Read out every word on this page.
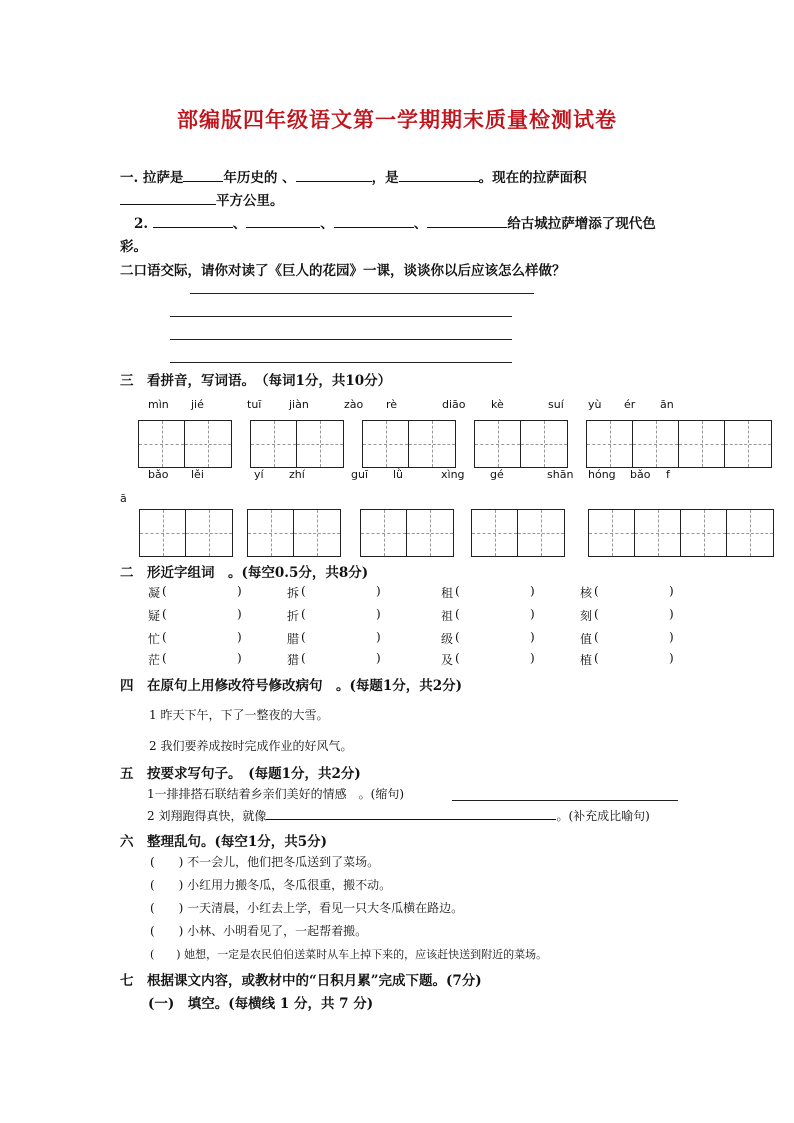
部编版四年级语文第一学期期末质量检测试卷
一. 拉萨是	年历史的 、	，是	。现在的拉萨面积
平方公里。
2.	、	、	、	给古城拉萨增添了现代色
彩。
二口语交际，请你对读了《巨人的花园》一课，谈谈你以后应该怎么样做？
三　 看拼音，写词语。　（每词1分，共10分）
mìn jié	tuī	jiàn	zào rè	diāo kè	suí yù ér ān
bǎo lěi	yí zhí	guī lǜ	xìng gé	shān hóng bǎo f
ā
二　 形近字组词　。(每空0.5分，共8分)
凝 (	)	拆 (	)	租 (	)	核 (	)
疑 (	)	折 (	)	祖 (	)	刻 (	)
忙 (	)	腊 (	)	级 (	)	值 (	)
茫 (	)	猎 (	)	及 (	)	植 (	)
四　 在原句上用修改符号修改病句　。(每题1分，共2分)
1 昨天下午，下了一整夜的大雪。
2 我们要养成按时完成作业的好风气。
五　 按要求写句子。　(每题1分，共2分)
1一排排搭石联结着乡亲们美好的情感　。(缩句)
2 刘翔跑得真快，就像	。(补充成比喻句)
六　 整理乱句。(每空1分，共5分)
(　　) 不一会儿，他们把冬瓜送到了菜场。
(　　) 小红用力搬冬瓜，冬瓜很重，搬不动。
(　　) 一天清晨，小红去上学，看见一只大冬瓜横在路边。
(　　) 小林、小明看见了，一起帮着搬。
(　　) 她想，一定是农民伯伯送菜时从车上掉下来的，应该赶快送到附近的菜场。
七　 根据课文内容，或教材中的“日积月累”完成下题。(7分)
(一)　填空。(每横线 1 分，共 7 分)
